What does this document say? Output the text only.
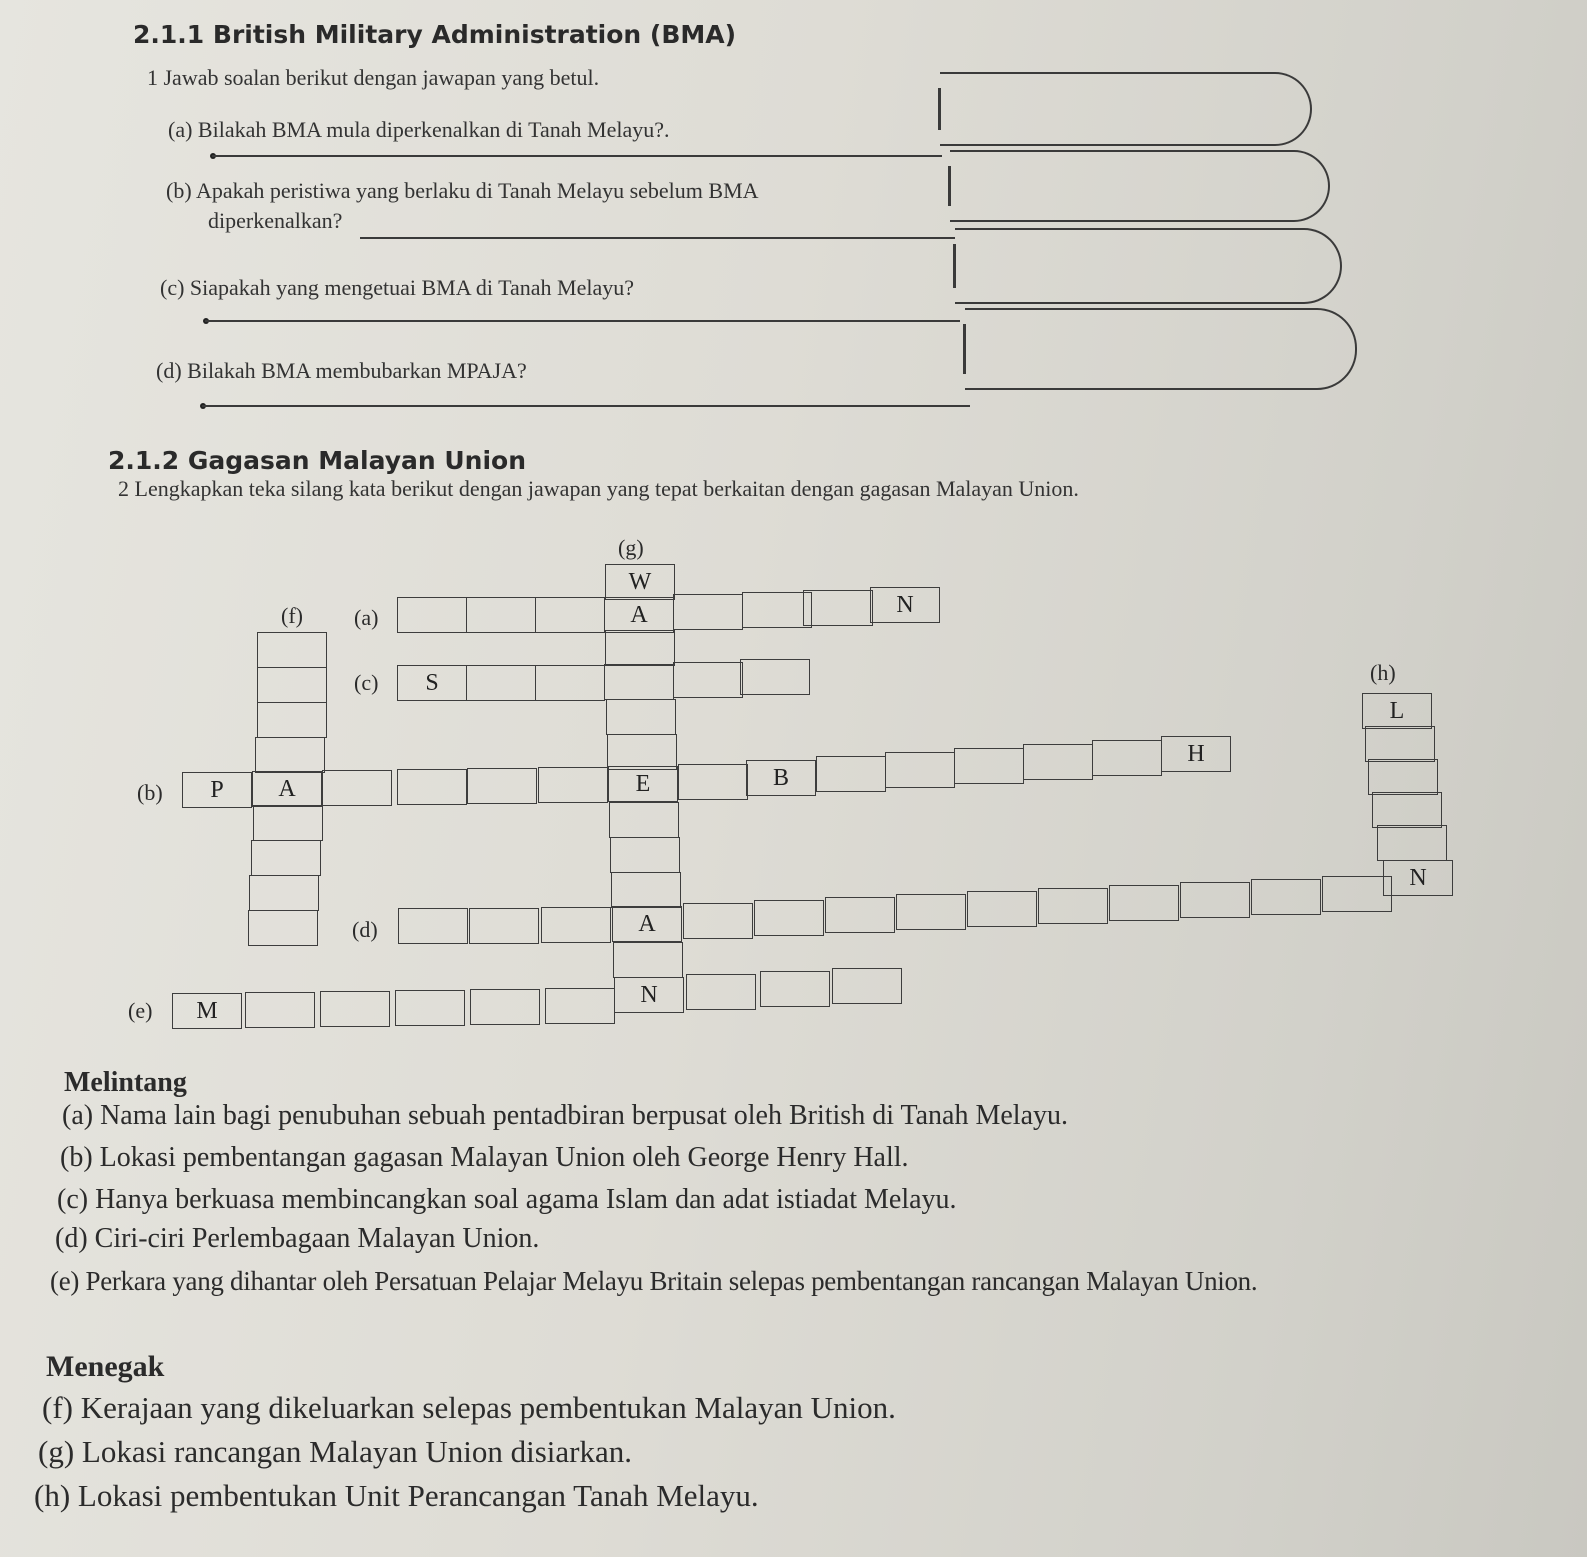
2.1.1 British Military Administration (BMA)
1 Jawab soalan berikut dengan jawapan yang betul.
(a) Bilakah BMA mula diperkenalkan di Tanah Melayu?.
(b) Apakah peristiwa yang berlaku di Tanah Melayu sebelum BMA
diperkenalkan?
(c) Siapakah yang mengetuai BMA di Tanah Melayu?
(d) Bilakah BMA membubarkan MPAJA?
2.1.2 Gagasan Malayan Union
2 Lengkapkan teka silang kata berikut dengan jawapan yang tepat berkaitan dengan gagasan Malayan Union.
(g)
(f) (a)
(c)	(h)
(b)
(d)
(e)
W
A	N
S
L
N
P	A	E	B
H
A
M
N
Melintang
(a) Nama lain bagi penubuhan sebuah pentadbiran berpusat oleh British di Tanah Melayu.
(b) Lokasi pembentangan gagasan Malayan Union oleh George Henry Hall.
(c) Hanya berkuasa membincangkan soal agama Islam dan adat istiadat Melayu.
(d) Ciri-ciri Perlembagaan Malayan Union.
(e) Perkara yang dihantar oleh Persatuan Pelajar Melayu Britain selepas pembentangan rancangan Malayan Union.
Menegak
(f) Kerajaan yang dikeluarkan selepas pembentukan Malayan Union.
(g) Lokasi rancangan Malayan Union disiarkan.
(h) Lokasi pembentukan Unit Perancangan Tanah Melayu.
